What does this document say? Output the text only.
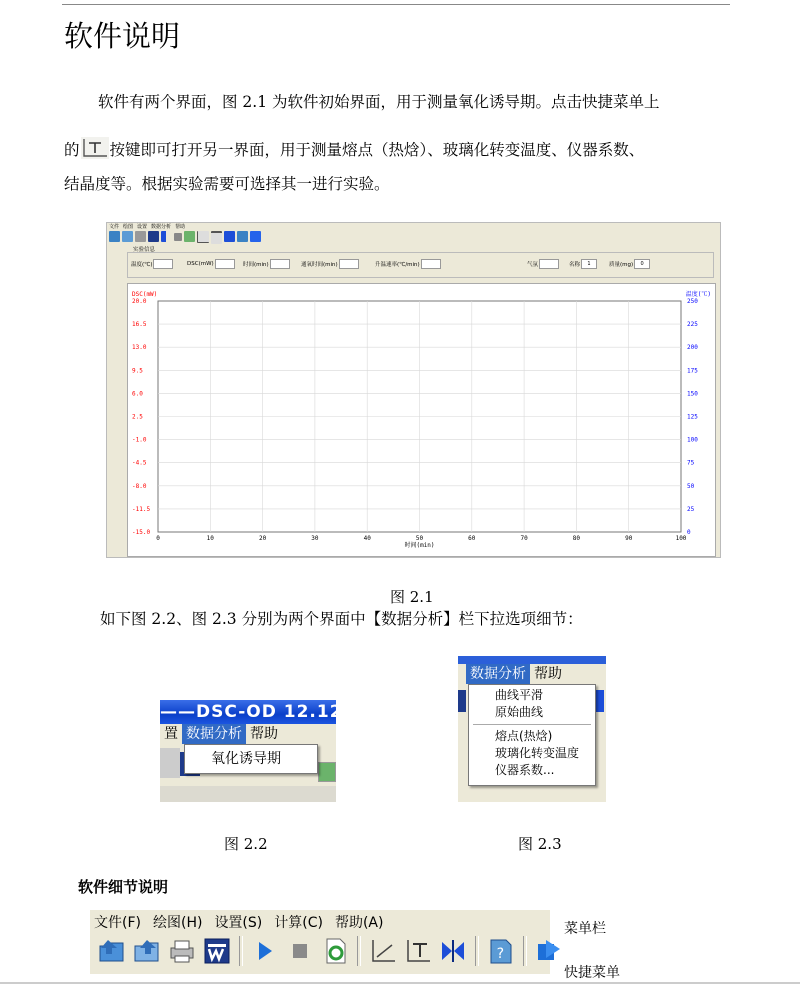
软件说明
软件有两个界面，图 2.1 为软件初始界面，用于测量氧化诱导期。点击快捷菜单上
的 按键即可打开另一界面，用于测量熔点（热焓）、玻璃化转变温度、仪器系数、
结晶度等。根据实验需要可选择其一进行实验。
文件 绘图 设置 数据分析 帮助
实验信息
温度(℃)	DSC(mW)	时间(min)	通氧时间(min)	升温速率(℃/min)	气氛	名称	1	质量(mg)	0
0	10	20	30	40	50	60	70	80	90	100
20.0	250
16.5	225
13.0	200
9.5	175
6.0	150
2.5	125
-1.0	100
-4.5	75
-8.0	50
-11.5	25
-15.0	0
DSC(mW)	温度(℃)
时间(min)
图 2.1
如下图 2.2、图 2.3 分别为两个界面中【数据分析】栏下拉选项细节：
——DSC-OD 12.12.6
置 数据分析 帮助
氧化诱导期
图 2.2
数据分析 帮助
曲线平滑
原始曲线
熔点(热焓)
玻璃化转变温度
仪器系数...
图 2.3
软件细节说明
文件(F) 绘图(H) 设置(S) 计算(C) 帮助(A)
?
菜单栏
快捷菜单
